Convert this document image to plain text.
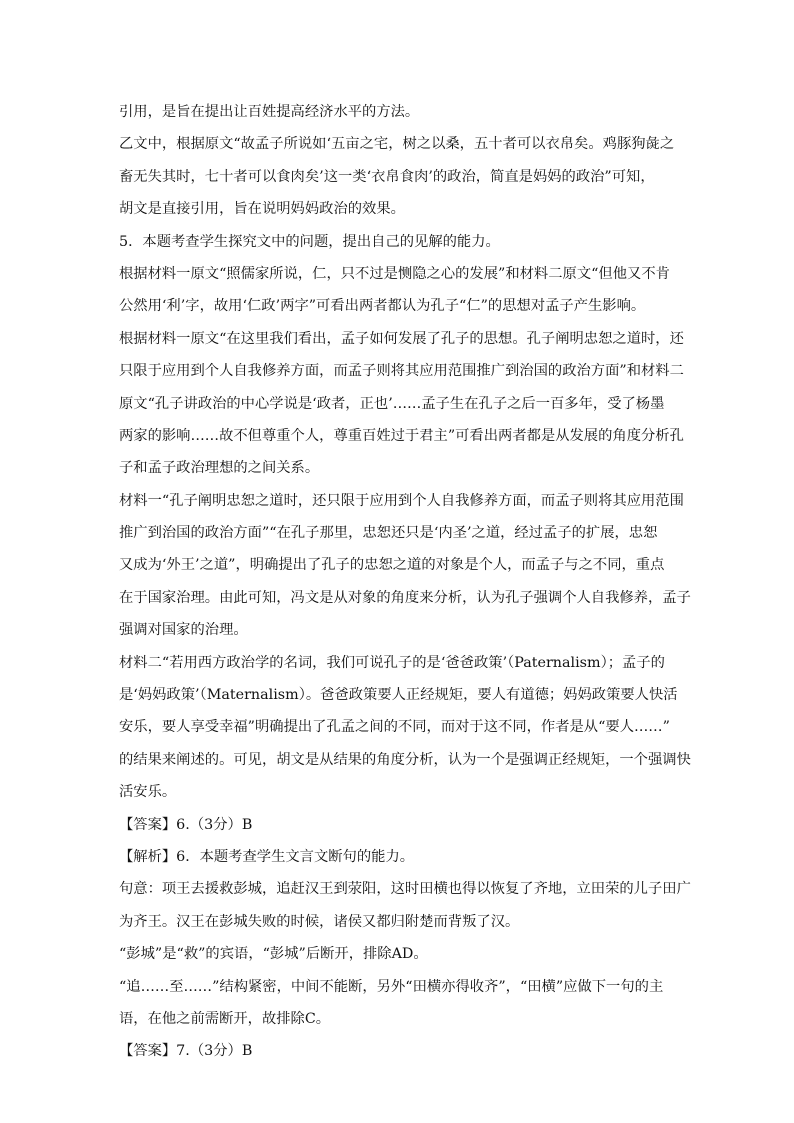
引用，是旨在提出让百姓提高经济水平的方法。
乙文中，根据原文“故孟子所说如‘五亩之宅，树之以桑，五十者可以衣帛矣。鸡豚狗彘之
畜无失其时，七十者可以食肉矣’这一类‘衣帛食肉’的政治，简直是妈妈的政治”可知，
胡文是直接引用，旨在说明妈妈政治的效果。
5．本题考查学生探究文中的问题，提出自己的见解的能力。
根据材料一原文“照儒家所说，仁，只不过是恻隐之心的发展”和材料二原文“但他又不肯
公然用‘利’字，故用‘仁政’两字”可看出两者都认为孔子“仁”的思想对孟子产生影响。
根据材料一原文“在这里我们看出，孟子如何发展了孔子的思想。孔子阐明忠恕之道时，还
只限于应用到个人自我修养方面，而孟子则将其应用范围推广到治国的政治方面”和材料二
原文“孔子讲政治的中心学说是‘政者，正也’……孟子生在孔子之后一百多年，受了杨墨
两家的影响……故不但尊重个人，尊重百姓过于君主”可看出两者都是从发展的角度分析孔
子和孟子政治理想的之间关系。
材料一“孔子阐明忠恕之道时，还只限于应用到个人自我修养方面，而孟子则将其应用范围
推广到治国的政治方面”“在孔子那里，忠恕还只是‘内圣’之道，经过孟子的扩展，忠恕
又成为‘外王’之道”，明确提出了孔子的忠恕之道的对象是个人，而孟子与之不同，重点
在于国家治理。由此可知，冯文是从对象的角度来分析，认为孔子强调个人自我修养，孟子
强调对国家的治理。
材料二“若用西方政治学的名词，我们可说孔子的是‘爸爸政策’（Paternalism）；孟子的
是‘妈妈政策’（Maternalism）。爸爸政策要人正经规矩，要人有道德；妈妈政策要人快活
安乐，要人享受幸福”明确提出了孔孟之间的不同，而对于这不同，作者是从“要人……”
的结果来阐述的。可见，胡文是从结果的角度分析，认为一个是强调正经规矩，一个强调快
活安乐。
【答案】6.（3分）B
【解析】6．本题考查学生文言文断句的能力。
句意：项王去援救彭城，追赶汉王到荥阳，这时田横也得以恢复了齐地，立田荣的儿子田广
为齐王。汉王在彭城失败的时候，诸侯又都归附楚而背叛了汉。
“彭城”是“救”的宾语，“彭城”后断开，排除AD。
“追……至……”结构紧密，中间不能断，另外“田横亦得收齐”，“田横”应做下一句的主
语，在他之前需断开，故排除C。
【答案】7.（3分）B
